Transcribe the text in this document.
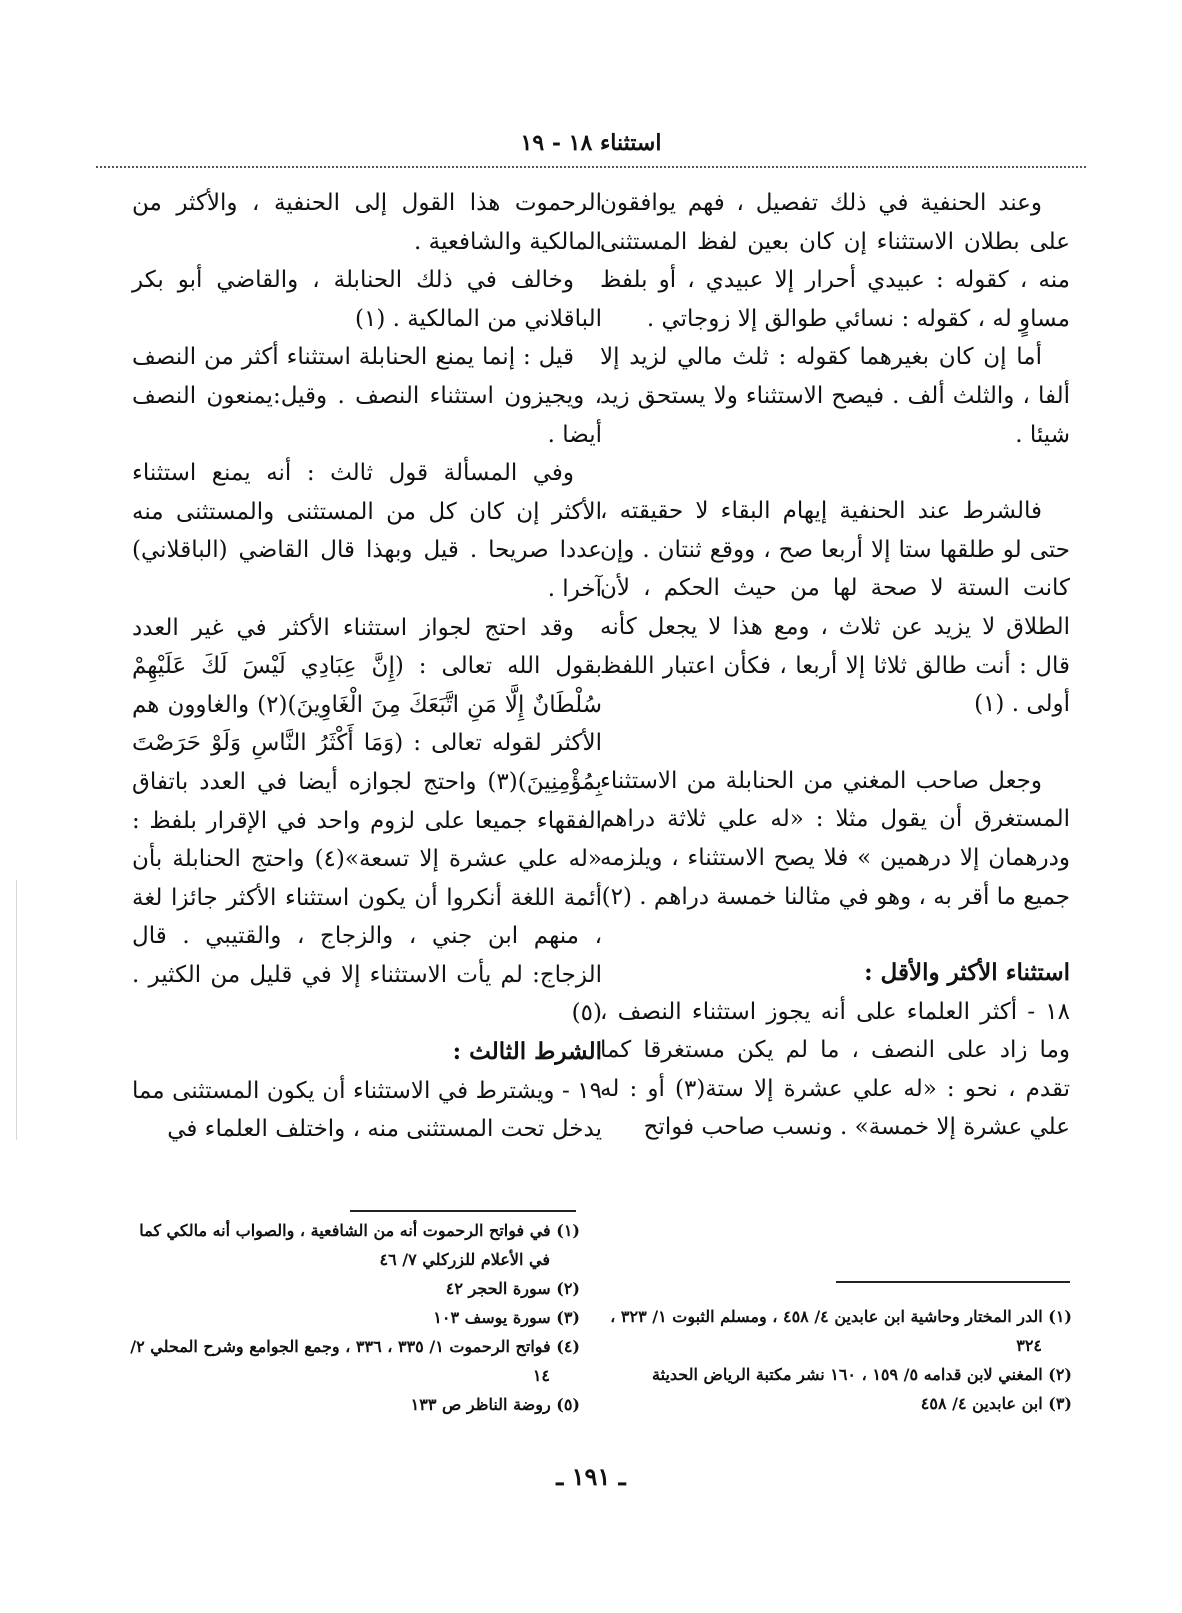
استثناء ١٨ - ١٩

وعند الحنفية في ذلك تفصيل ، فهم يوافقون على بطلان الاستثناء إن كان بعين لفظ المستثنى منه ، كقوله : عبيدي أحرار إلا عبيدي ، أو بلفظ مساوٍ له ، كقوله : نسائي طوالق إلا زوجاتي .

أما إن كان بغيرهما كقوله : ثلث مالي لزيد إلا ألفا ، والثلث ألف . فيصح الاستثناء ولا يستحق زيد شيئا .

فالشرط عند الحنفية إيهام البقاء لا حقيقته ، حتى لو طلقها ستا إلا أربعا صح ، ووقع ثنتان . وإن كانت الستة لا صحة لها من حيث الحكم ، لأن الطلاق لا يزيد عن ثلاث ، ومع هذا لا يجعل كأنه قال : أنت طالق ثلاثا إلا أربعا ، فكأن اعتبار اللفظ أولى . (١)

وجعل صاحب المغني من الحنابلة من الاستثناء المستغرق أن يقول مثلا : «له علي ثلاثة دراهم ودرهمان إلا درهمين » فلا يصح الاستثناء ، ويلزمه جميع ما أقر به ، وهو في مثالنا خمسة دراهم . (٢)

استثناء الأكثر والأقل :

١٨ - أكثر العلماء على أنه يجوز استثناء النصف ، وما زاد على النصف ، ما لم يكن مستغرقا كما تقدم ، نحو : «له علي عشرة إلا ستة(٣) أو : له علي عشرة إلا خمسة» . ونسب صاحب فواتح

الرحموت هذا القول إلى الحنفية ، والأكثر من المالكية والشافعية .

وخالف في ذلك الحنابلة ، والقاضي أبو بكر الباقلاني من المالكية . (١)

قيل : إنما يمنع الحنابلة استثناء أكثر من النصف ، ويجيزون استثناء النصف . وقيل:يمنعون النصف أيضا .

وفي المسألة قول ثالث : أنه يمنع استثناء الأكثر إن كان كل من المستثنى والمستثنى منه عددا صريحا . قيل وبهذا قال القاضي (الباقلاني) آخرا .

وقد احتج لجواز استثناء الأكثر في غير العدد بقول الله تعالى : (إِنَّ عِبَادِي لَيْسَ لَكَ عَلَيْهِمْ سُلْطَانٌ إِلَّا مَنِ اتَّبَعَكَ مِنَ الْغَاوِينَ)(٢) والغاوون هم الأكثر لقوله تعالى : (وَمَا أَكْثَرُ النَّاسِ وَلَوْ حَرَصْتَ بِمُؤْمِنِينَ)(٣) واحتج لجوازه أيضا في العدد باتفاق الفقهاء جميعا على لزوم واحد في الإقرار بلفظ : «له علي عشرة إلا تسعة»(٤) واحتج الحنابلة بأن أئمة اللغة أنكروا أن يكون استثناء الأكثر جائزا لغة ، منهم ابن جني ، والزجاج ، والقتيبي . قال الزجاج: لم يأت الاستثناء إلا في قليل من الكثير . (٥)

الشرط الثالث :

١٩ - ويشترط في الاستثناء أن يكون المستثنى مما يدخل تحت المستثنى منه ، واختلف العلماء في

(١) في فواتح الرحموت أنه من الشافعية ، والصواب أنه مالكي كما في الأعلام للزركلي ٧/ ٤٦

(٢) سورة الحجر ٤٢

(٣) سورة يوسف ١٠٣

(٤) فواتح الرحموت ١/ ٣٣٥ ، ٣٣٦ ، وجمع الجوامع وشرح المحلي ٢/ ١٤

(٥) روضة الناظر ص ١٣٣

(١) الدر المختار وحاشية ابن عابدين ٤/ ٤٥٨ ، ومسلم الثبوت ١/ ٣٢٣ ، ٣٢٤

(٢) المغني لابن قدامه ٥/ ١٥٩ ، ١٦٠ نشر مكتبة الرياض الحديثة

(٣) ابن عابدين ٤/ ٤٥٨

ـ ١٩١ ـ
